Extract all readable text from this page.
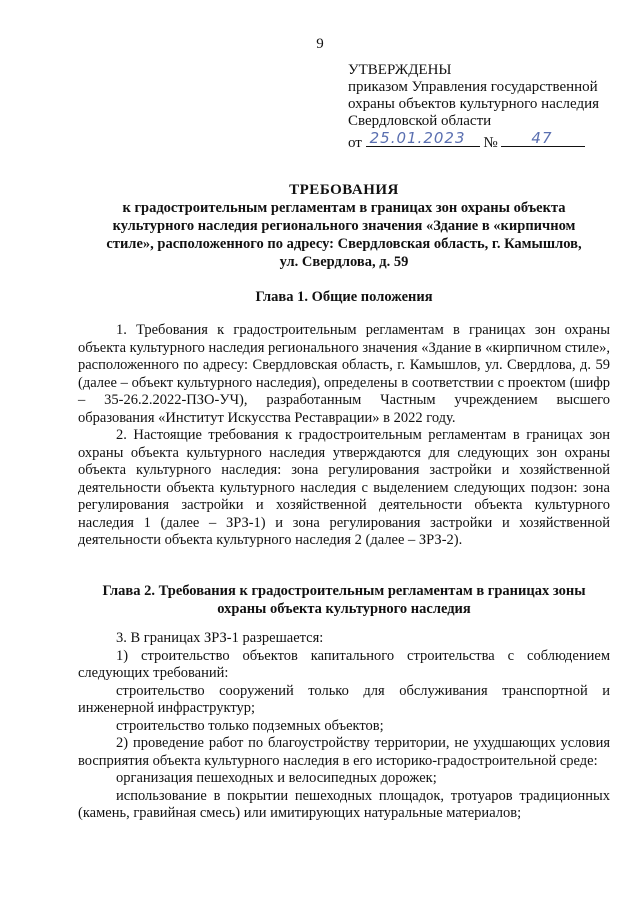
9
УТВЕРЖДЕНЫ
приказом Управления государственной
охраны объектов культурного наследия
Свердловской области
от 25.01.2023 № 47
ТРЕБОВАНИЯ
к градостроительным регламентам в границах зон охраны объекта
культурного наследия регионального значения «Здание в «кирпичном
стиле», расположенного по адресу: Свердловская область, г. Камышлов,
ул. Свердлова, д. 59
Глава 1. Общие положения

1. Требования к градостроительным регламентам в границах зон охраны объекта культурного наследия регионального значения «Здание в «кирпичном стиле», расположенного по адресу: Свердловская область, г. Камышлов, ул. Свердлова, д. 59 (далее – объект культурного наследия), определены в соответствии с проектом (шифр – 35-26.2.2022-ПЗО-УЧ), разработанным Частным учреждением высшего образования «Институт Искусства Реставрации» в 2022 году.

2. Настоящие требования к градостроительным регламентам в границах зон охраны объекта культурного наследия утверждаются для следующих зон охраны объекта культурного наследия: зона регулирования застройки и хозяйственной деятельности объекта культурного наследия с выделением следующих подзон: зона регулирования застройки и хозяйственной деятельности объекта культурного наследия 1 (далее – ЗРЗ-1) и зона регулирования застройки и хозяйственной деятельности объекта культурного наследия 2 (далее – ЗРЗ-2).

Глава 2. Требования к градостроительным регламентам в границах зоны
охраны объекта культурного наследия

3. В границах ЗРЗ-1 разрешается:

1) строительство объектов капитального строительства с соблюдением следующих требований:

строительство сооружений только для обслуживания транспортной и инженерной инфраструктур;

строительство только подземных объектов;

2) проведение работ по благоустройству территории, не ухудшающих условия восприятия объекта культурного наследия в его историко-градостроительной среде:

организация пешеходных и велосипедных дорожек;

использование в покрытии пешеходных площадок, тротуаров традиционных (камень, гравийная смесь) или имитирующих натуральные материалов;
